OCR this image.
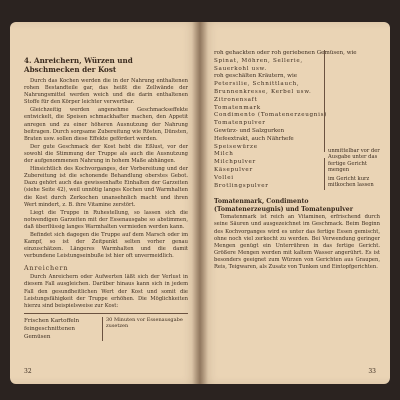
4. Anreichern, Würzen und Abschmecken der Kost

Durch das Kochen werden die in der Nahrung enthaltenen rohen Bestandteile gar, das heißt die Zellwände der Nahrungsmittel werden weich und die darin enthaltenen Stoffe für den Körper leichter verwertbar.

Gleichzeitig werden angenehme Geschmackseffekte entwickelt, die Speisen schmackhafter machen, den Appetit anregen und zu einer höheren Ausnutzung der Nahrung beitragen. Durch sorgsame Zubereitung wie Rösten, Dünsten, Braten usw. sollen diese Effekte gefördert werden.

Der gute Geschmack der Kost hebt die Eßlust, vor der sowohl die Stimmung der Truppe als auch die Ausnutzung der aufgenommenen Nahrung in hohem Maße abhängen.

Hinsichtlich des Kochvorganges, der Vorbereitung und der Zubereitung ist die schonende Behandlung oberstes Gebot. Dazu gehört auch das gewissenhafte Einhalten der Garzeiten (siehe Seite 42), weil unnötig langes Kochen und Warmhalten die Kost durch Zerkochen unansehnlich macht und ihren Wert mindert, z. B. ihre Vitamine zerstört.

Liegt die Truppe in Ruhestellung, so lassen sich die notwendigen Garzeiten mit der Essenausgabe so abstimmen, daß überflüssig langes Warmhalten vermieden werden kann.

Befindet sich dagegen die Truppe auf dem Marsch oder im Kampf, so ist der Zeitpunkt selten vorher genau einzuschätzen. Längeres Warmhalten und die damit verbundene Leistungseinbuße ist hier oft unvermeidlich.

Anreichern

Durch Anreichern oder Aufwerten läßt sich der Verlust in diesem Fall ausgleichen. Darüber hinaus kann sich in jedem Fall den gesundheitlichen Wert der Kost und somit die Leistungsfähigkeit der Truppe erhöhen. Die Möglichkeiten hierzu sind beispielsweise zur Kost:

Frischen Kartoffeln
feingeschnittenen Gemüsen
30 Minuten vor Essenausgabe zusetzen
32
roh gehackten oder roh geriebenen Gemüsen, wie
Spinat, Möhren, Sellerie,
Sauerkohl usw.
roh geschälten Kräutern, wie
Petersilie, Schnittlauch,
Brunnenkresse, Kerbel usw.
Zitronensaft
Tomatenmark
Condimento (Tomatenerzeugnis)
Tomatenpulver
Gewürz- und Salzgurken
Hefeextrakt, auch Nährhefe
Speisewürze
Milch
Milchpulver
Käsepulver
Vollei
Brotlingspulver
unmittelbar vor der Ausgabe unter das fertige Gericht mengen
im Gericht kurz mitkochen lassen
Tomatenmark, Condimento (Tomatenerzeugnis) und Tomatenpulver

Tomatenmark ist reich an Vitaminen, erfrischend durch seine Säuren und ausgezeichnet im Geschmack. Beim Beginn des Kochvorganges wird es unter das fertige Essen gemischt, ohne noch viel zerkocht zu werden. Bei Verwendung geringer Mengen genügt ein Unterrühren in das fertige Gericht. Größere Mengen werden mit kaltem Wasser angerührt. Es ist besonders geeignet zum Würzen von Gerichten aus Graupen, Reis, Teigwaren, als Zusatz von Tunken und Eintopfgerichten.

33
